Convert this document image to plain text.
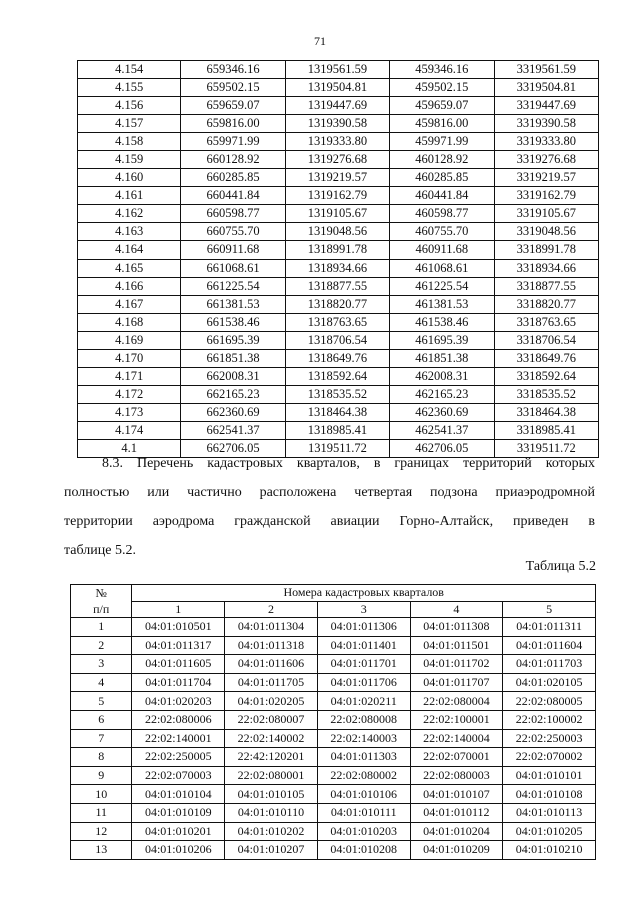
71
4.154	659346.16	1319561.59	459346.16	3319561.59
4.155	659502.15	1319504.81	459502.15	3319504.81
4.156	659659.07	1319447.69	459659.07	3319447.69
4.157	659816.00	1319390.58	459816.00	3319390.58
4.158	659971.99	1319333.80	459971.99	3319333.80
4.159	660128.92	1319276.68	460128.92	3319276.68
4.160	660285.85	1319219.57	460285.85	3319219.57
4.161	660441.84	1319162.79	460441.84	3319162.79
4.162	660598.77	1319105.67	460598.77	3319105.67
4.163	660755.70	1319048.56	460755.70	3319048.56
4.164	660911.68	1318991.78	460911.68	3318991.78
4.165	661068.61	1318934.66	461068.61	3318934.66
4.166	661225.54	1318877.55	461225.54	3318877.55
4.167	661381.53	1318820.77	461381.53	3318820.77
4.168	661538.46	1318763.65	461538.46	3318763.65
4.169	661695.39	1318706.54	461695.39	3318706.54
4.170	661851.38	1318649.76	461851.38	3318649.76
4.171	662008.31	1318592.64	462008.31	3318592.64
4.172	662165.23	1318535.52	462165.23	3318535.52
4.173	662360.69	1318464.38	462360.69	3318464.38
4.174	662541.37	1318985.41	462541.37	3318985.41
4.1	662706.05	1319511.72	462706.05	3319511.72

8.3. Перечень кадастровых кварталов, в границах территорий которых

полностью или частично расположена четвертая подзона приаэродромной

территории аэродрома гражданской авиации Горно-Алтайск, приведен в

таблице 5.2.

Таблица 5.2
№
п/п	Номера кадастровых кварталов				
	1	2	3	4	5
1	04:01:010501	04:01:011304	04:01:011306	04:01:011308	04:01:011311
2	04:01:011317	04:01:011318	04:01:011401	04:01:011501	04:01:011604
3	04:01:011605	04:01:011606	04:01:011701	04:01:011702	04:01:011703
4	04:01:011704	04:01:011705	04:01:011706	04:01:011707	04:01:020105
5	04:01:020203	04:01:020205	04:01:020211	22:02:080004	22:02:080005
6	22:02:080006	22:02:080007	22:02:080008	22:02:100001	22:02:100002
7	22:02:140001	22:02:140002	22:02:140003	22:02:140004	22:02:250003
8	22:02:250005	22:42:120201	04:01:011303	22:02:070001	22:02:070002
9	22:02:070003	22:02:080001	22:02:080002	22:02:080003	04:01:010101
10	04:01:010104	04:01:010105	04:01:010106	04:01:010107	04:01:010108
11	04:01:010109	04:01:010110	04:01:010111	04:01:010112	04:01:010113
12	04:01:010201	04:01:010202	04:01:010203	04:01:010204	04:01:010205
13	04:01:010206	04:01:010207	04:01:010208	04:01:010209	04:01:010210
